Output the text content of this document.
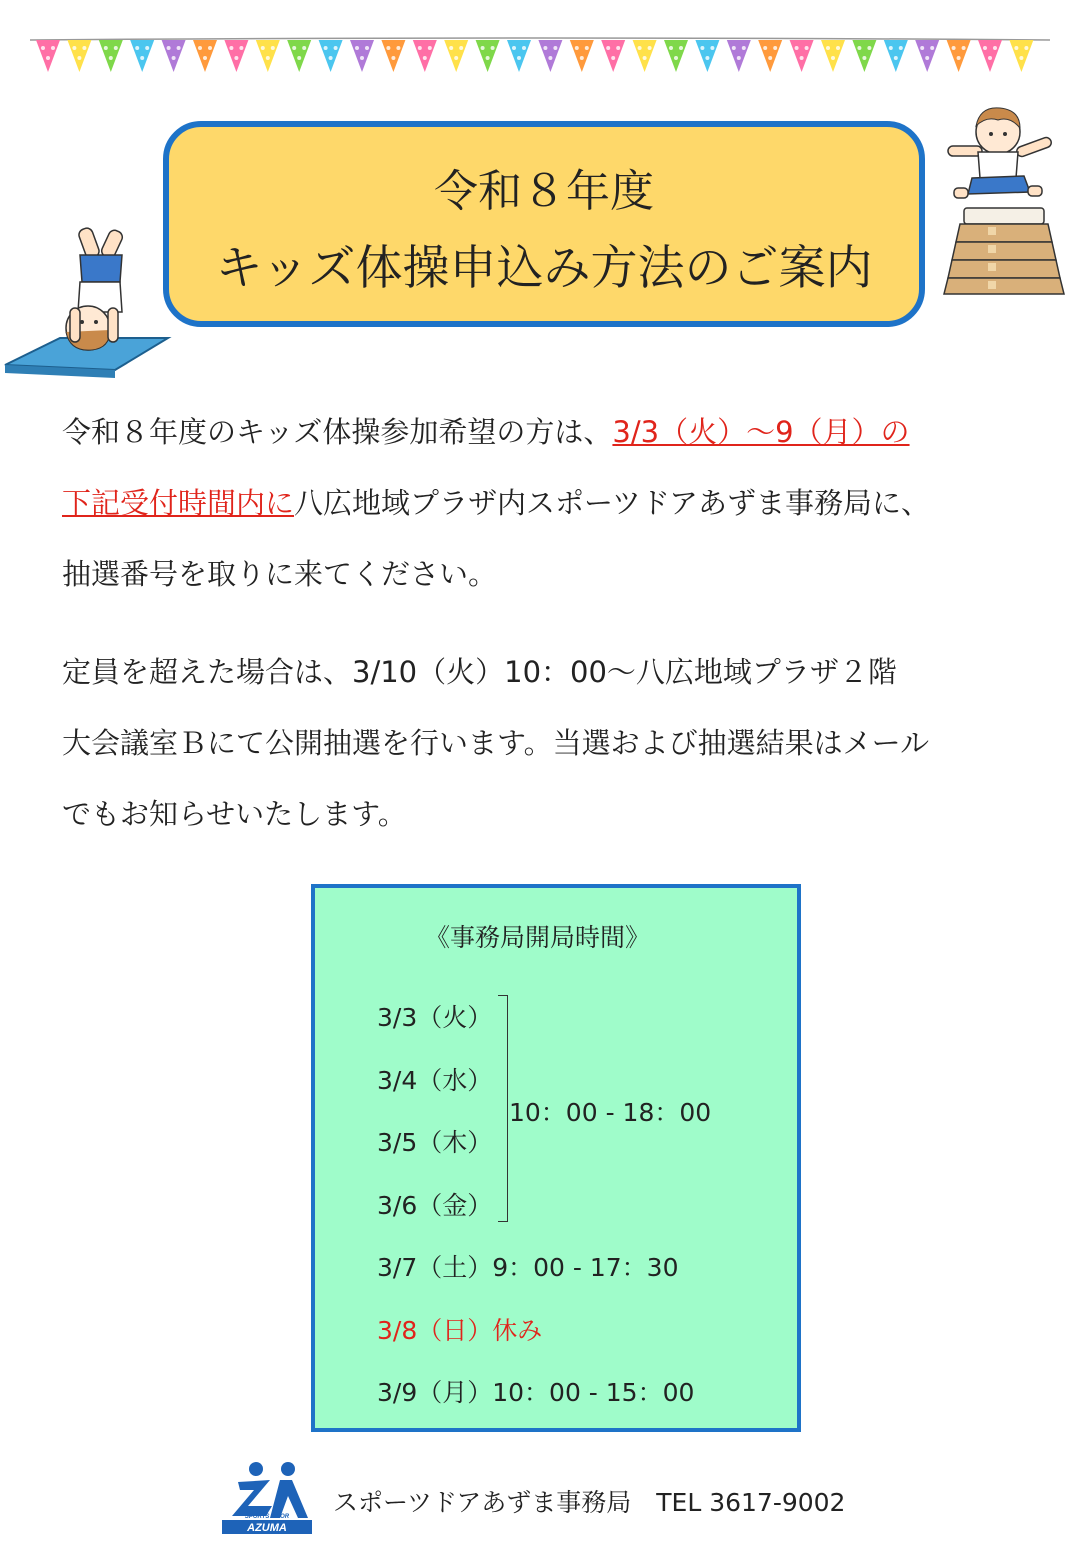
令和８年度
キッズ体操申込み方法のご案内
令和８年度のキッズ体操参加希望の方は、3/3（火）～9（月）の
下記受付時間内に八広地域プラザ内スポーツドアあずま事務局に、
抽選番号を取りに来てください。
定員を超えた場合は、3/10（火）10：00～八広地域プラザ２階
大会議室Ｂにて公開抽選を行います。当選および抽選結果はメール
でもお知らせいたします。
《事務局開局時間》
3/3（火）
3/4（水）
3/5（木）
3/6（金）
10：00 - 18：00
3/7（土）9：00 - 17：30
3/8（日）休み
3/9（月）10：00 - 15：00
SPORTS DOOR
AZUMA
スポーツドアあずま事務局　TEL 3617-9002
